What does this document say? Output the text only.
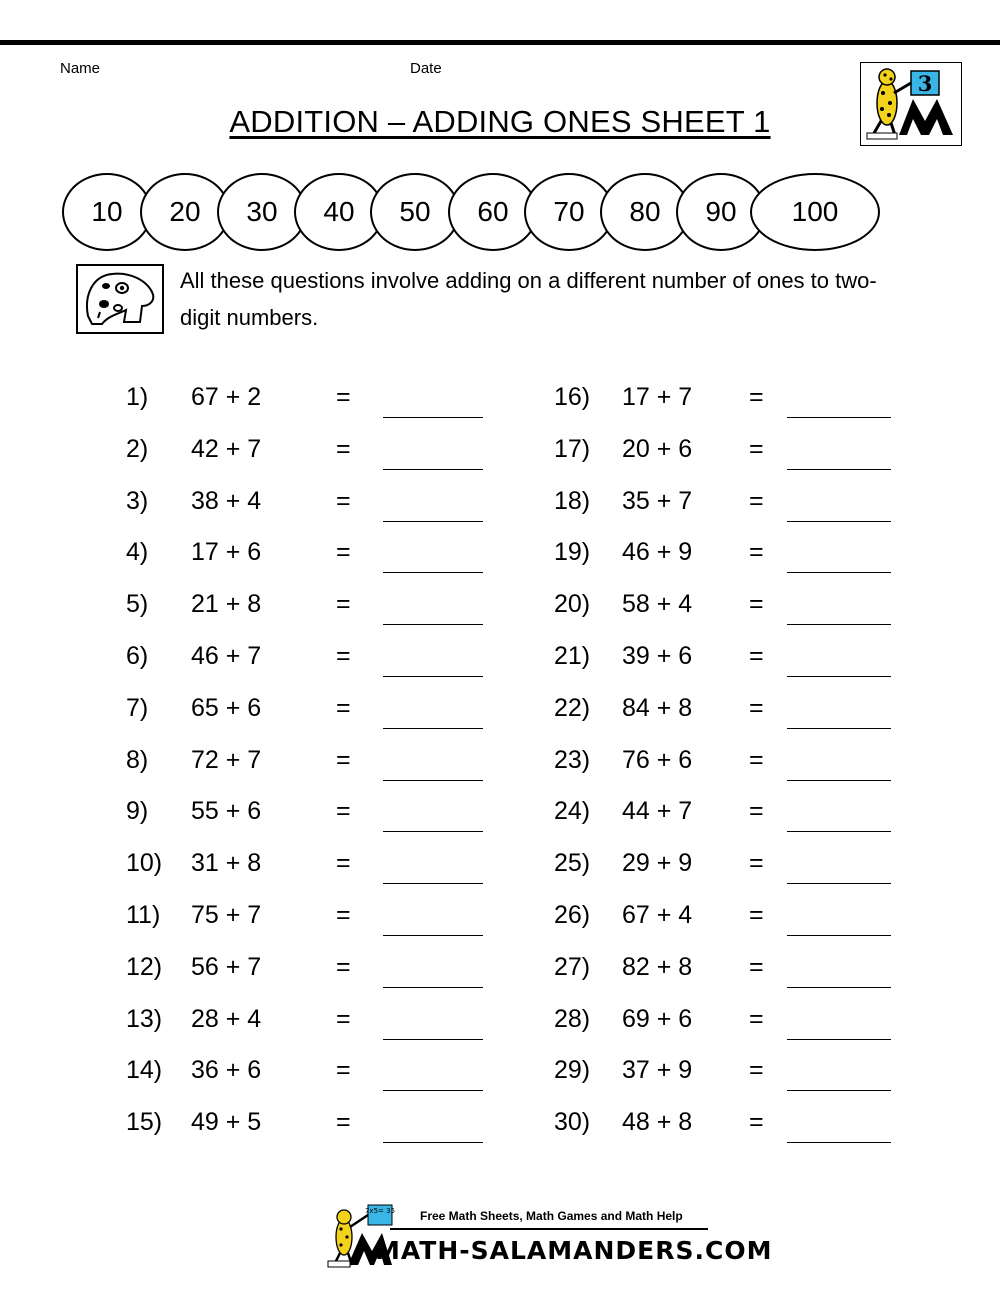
Name	Date
3
ADDITION – ADDING ONES SHEET 1
10	20	30	40	50	60	70	80	90	100
All these questions involve adding on a different number of ones to two-digit numbers.
1) 67 + 2	=
2) 42 + 7	=
3) 38 + 4	=
4) 17 + 6	=
5) 21 + 8	=
6) 46 + 7	=
7) 65 + 6	=
8) 72 + 7	=
9) 55 + 6	=
10) 31 + 8	=
11) 75 + 7	=
12) 56 + 7	=
13) 28 + 4	=
14) 36 + 6	=
15) 49 + 5	=
16) 17 + 7 =
17) 20 + 6 =
18) 35 + 7 =
19) 46 + 9 =
20) 58 + 4 =
21) 39 + 6 =
22) 84 + 8 =
23) 76 + 6 =
24) 44 + 7 =
25) 29 + 9 =
26) 67 + 4 =
27) 82 + 8 =
28) 69 + 6 =
29) 37 + 9 =
30) 48 + 8 =
7x5= 35 Free Math Sheets, Math Games and Math Help
MATH-SALAMANDERS.COM
